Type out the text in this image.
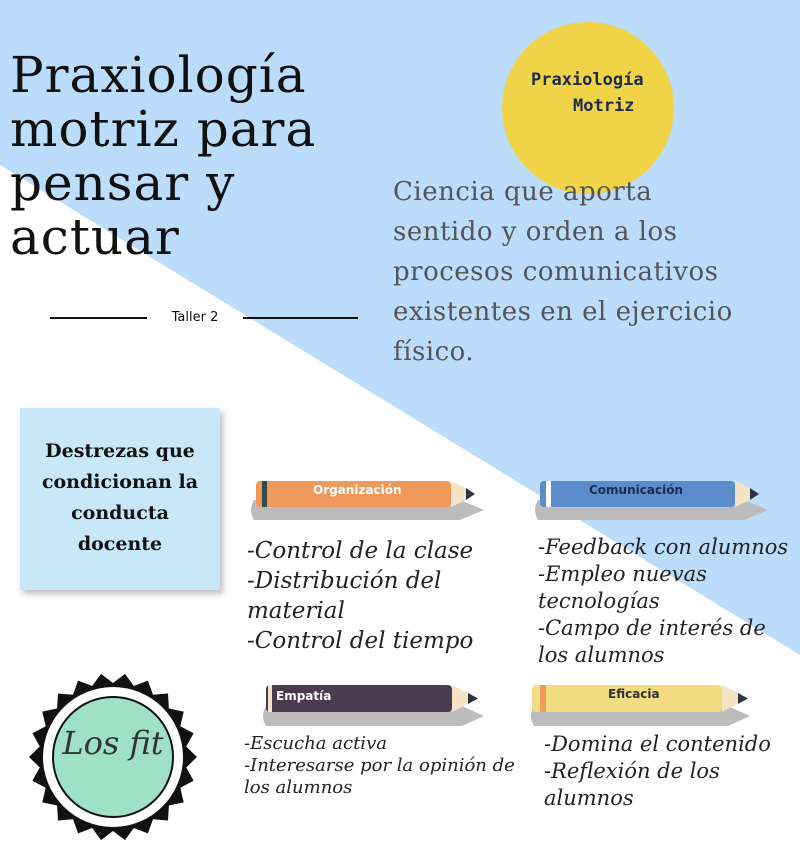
Praxiología
motriz para
pensar y
actuar
Taller 2
Praxiología
Motriz

Ciencia que aporta
sentido y orden a los
procesos comunicativos
existentes en el ejercicio
físico.

Destrezas que
condicionan la
conducta
docente
Organización
-Control de la clase
-Distribución del
material
-Control del tiempo
Comunicación
-Feedback con alumnos
-Empleo nuevas
tecnologías
-Campo de interés de
los alumnos
Empatía
-Escucha activa
-Interesarse por la opinión de
los alumnos
Eficacia
-Domina el contenido
-Reflexión de los
alumnos
Los fit
